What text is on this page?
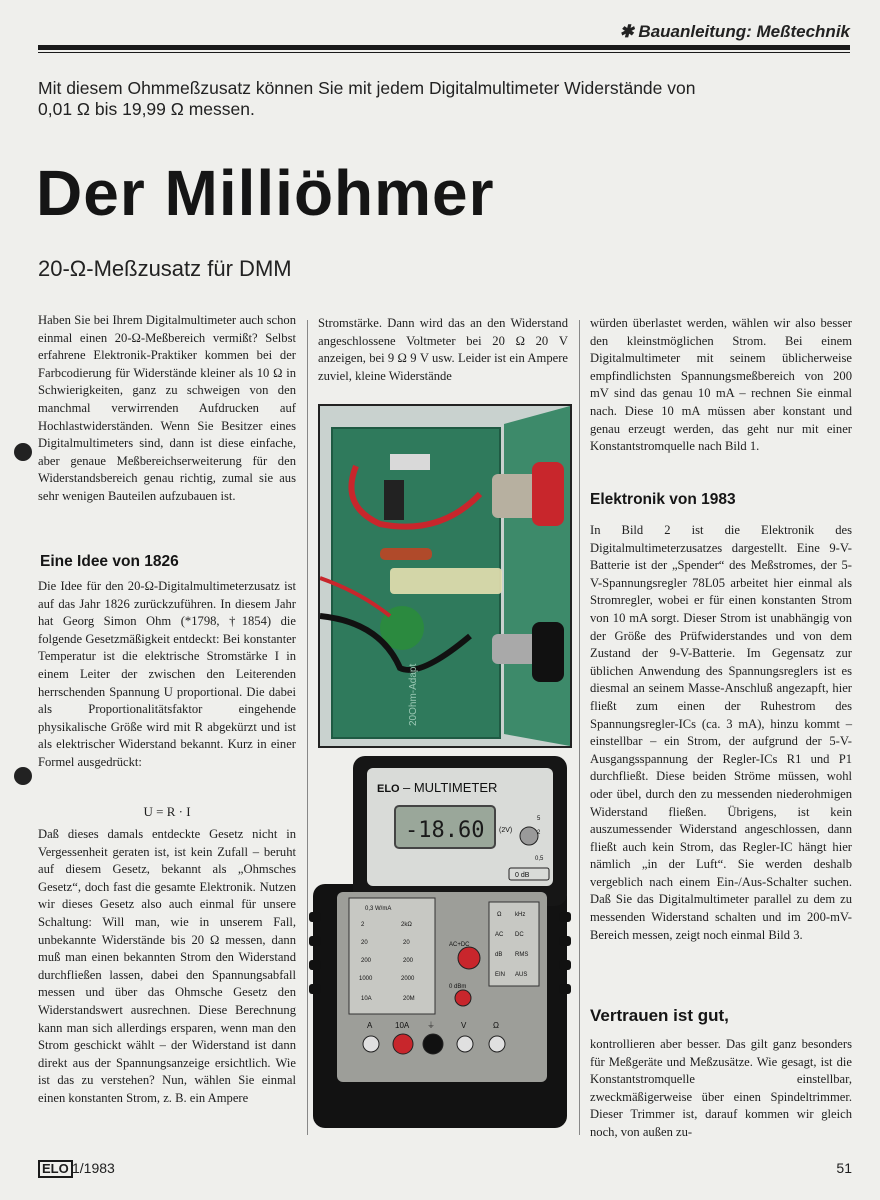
✱ Bauanleitung: Meßtechnik
Mit diesem Ohmmeßzusatz können Sie mit jedem Digitalmultimeter Widerstände von 0,01 Ω bis 19,99 Ω messen.
Der Milliöhmer
20-Ω-Meßzusatz für DMM

Haben Sie bei Ihrem Digitalmultimeter auch schon einmal einen 20-Ω-Meßbereich vermißt? Selbst erfahrene Elektronik-Praktiker kommen bei der Farbcodierung für Widerstände kleiner als 10 Ω in Schwierigkeiten, ganz zu schweigen von den manchmal verwirrenden Aufdrucken auf Hochlastwiderständen. Wenn Sie Besitzer eines Digitalmultimeters sind, dann ist diese einfache, aber genaue Meßbereichserweiterung für den Widerstandsbereich genau richtig, zumal sie aus sehr wenigen Bauteilen aufzubauen ist.

Eine Idee von 1826

Die Idee für den 20-Ω-Digitalmultimeterzusatz ist auf das Jahr 1826 zurückzuführen. In diesem Jahr hat Georg Simon Ohm (*1798, †1854) die folgende Gesetzmäßigkeit entdeckt: Bei konstanter Temperatur ist die elektrische Stromstärke I in einem Leiter der zwischen den Leiterenden herrschenden Spannung U proportional. Die dabei als Proportionalitätsfaktor eingehende physikalische Größe wird mit R abgekürzt und ist als elektrischer Widerstand bekannt. Kurz in einer Formel ausgedrückt:

U = R · I

Daß dieses damals entdeckte Gesetz nicht in Vergessenheit geraten ist, ist kein Zufall – beruht auf diesem Gesetz, bekannt als „Ohmsches Gesetz“, doch fast die gesamte Elektronik. Nutzen wir dieses Gesetz also auch einmal für unsere Schaltung: Will man, wie in unserem Fall, unbekannte Widerstände bis 20 Ω messen, dann muß man einen bekannten Strom den Widerstand durchfließen lassen, dabei den Spannungsabfall messen und über das Ohmsche Gesetz den Widerstandswert ausrechnen. Diese Berechnung kann man sich allerdings ersparen, wenn man den Strom geschickt wählt – der Widerstand ist dann direkt aus der Spannungsanzeige ersichtlich. Wie ist das zu verstehen? Nun, wählen Sie einmal einen konstanten Strom, z. B. ein Ampere

Stromstärke. Dann wird das an den Widerstand angeschlossene Voltmeter bei 20 Ω 20 V anzeigen, bei 9 Ω 9 V usw. Leider ist ein Ampere zuviel, kleine Widerstände

20Ohm-Adapt
ELO – MULTIMETER
-18.60 (2V)
5
2
0,5
0 dB
0,3 W/mA
2
20
200
1000
10A
2kΩ
20
200
2000
20M
AC+DC
0 dBm
Ω kHz
AC DC
dB RMS
EIN AUS
A	10A ⏚	V	Ω

würden überlastet werden, wählen wir also besser den kleinstmöglichen Strom. Bei einem Digitalmultimeter mit seinem üblicherweise empfindlichsten Spannungsmeßbereich von 200 mV sind das genau 10 mA – rechnen Sie einmal nach. Diese 10 mA müssen aber konstant und genau erzeugt werden, das geht nur mit einer Konstantstromquelle nach Bild 1.

Elektronik von 1983

In Bild 2 ist die Elektronik des Digitalmultimeterzusatzes dargestellt. Eine 9-V-Batterie ist der „Spender“ des Meßstromes, der 5-V-Spannungsregler 78L05 arbeitet hier einmal als Stromregler, wobei er für einen konstanten Strom von 10 mA sorgt. Dieser Strom ist unabhängig von der Größe des Prüfwiderstandes und von dem Zustand der 9-V-Batterie. Im Gegensatz zur üblichen Anwendung des Spannungsreglers ist es diesmal an seinem Masse-Anschluß angezapft, hier fließt zum einen der Ruhestrom des Spannungsregler-ICs (ca. 3 mA), hinzu kommt – einstellbar – ein Strom, der aufgrund der 5-V-Ausgangsspannung der Regler-ICs R1 und P1 durchfließt. Diese beiden Ströme müssen, wohl oder übel, durch den zu messenden niederohmigen Widerstand fließen. Übrigens, ist kein auszumessender Widerstand angeschlossen, dann fließt auch kein Strom, das Regler-IC hängt hier nämlich „in der Luft“. Sie werden deshalb vergeblich nach einem Ein-/Aus-Schalter suchen. Daß Sie das Digitalmultimeter parallel zu dem zu messenden Widerstand schalten und im 200-mV-Bereich messen, zeigt noch einmal Bild 3.

Vertrauen ist gut,

kontrollieren aber besser. Das gilt ganz besonders für Meßgeräte und Meßzusätze. Wie gesagt, ist die Konstantstromquelle einstellbar, zweckmäßigerweise über einen Spindeltrimmer. Dieser Trimmer ist, darauf kommen wir gleich noch, von außen zu-

ELO 1/1983	51
